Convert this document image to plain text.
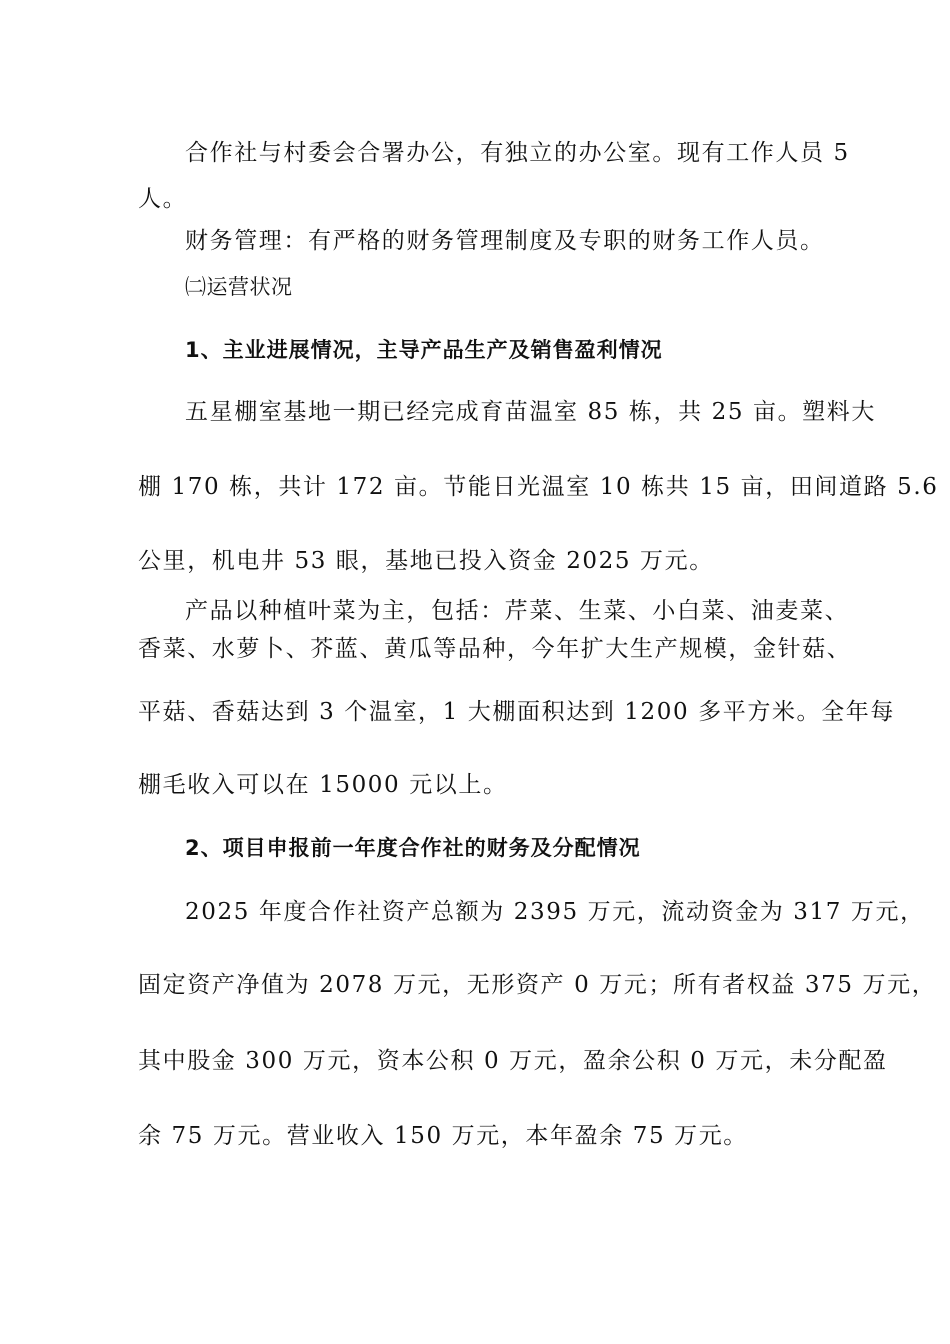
合作社与村委会合署办公，有独立的办公室。现有工作人员 5
人。
财务管理：有严格的财务管理制度及专职的财务工作人员。
㈡运营状况
1、主业进展情况，主导产品生产及销售盈利情况
五星棚室基地一期已经完成育苗温室 85 栋，共 25 亩。塑料大
棚 170 栋，共计 172 亩。节能日光温室 10 栋共 15 亩，田间道路 5.6
公里，机电井 53 眼，基地已投入资金 2025 万元。
产品以种植叶菜为主，包括：芹菜、生菜、小白菜、油麦菜、
香菜、水萝卜、芥蓝、黄瓜等品种，今年扩大生产规模，金针菇、
平菇、香菇达到 3 个温室，1 大棚面积达到 1200 多平方米。全年每
棚毛收入可以在 15000 元以上。
2、项目申报前一年度合作社的财务及分配情况
2025 年度合作社资产总额为 2395 万元，流动资金为 317 万元，
固定资产净值为 2078 万元，无形资产 0 万元；所有者权益 375 万元，
其中股金 300 万元，资本公积 0 万元，盈余公积 0 万元，未分配盈
余 75 万元。营业收入 150 万元，本年盈余 75 万元。
